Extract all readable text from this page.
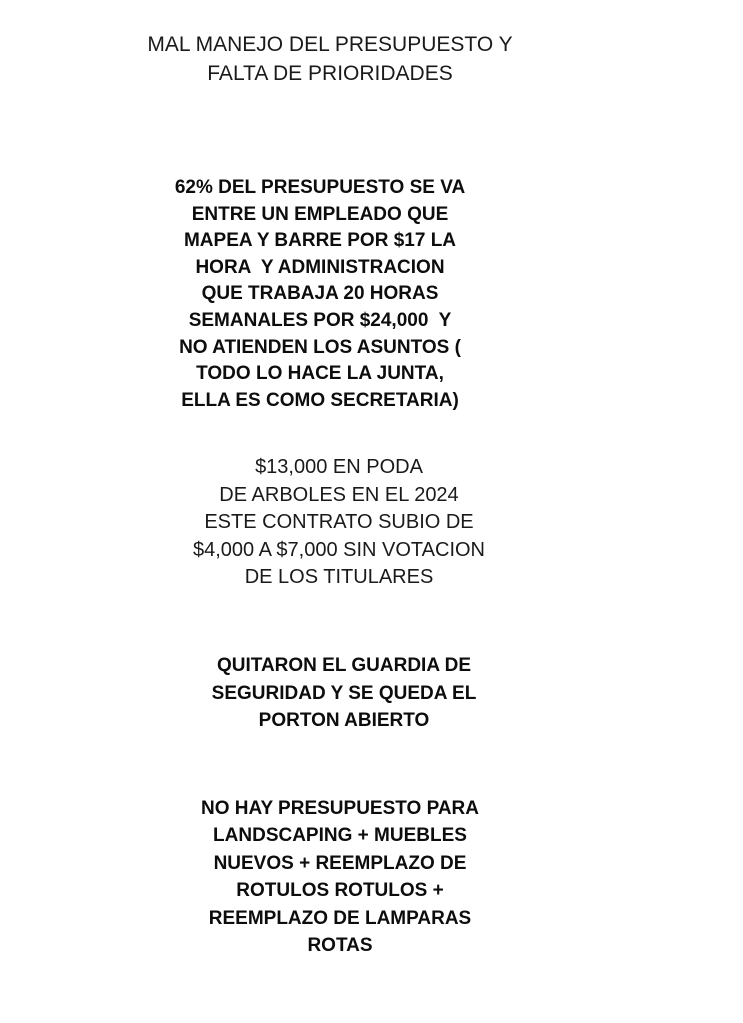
MAL MANEJO DEL PRESUPUESTO Y
FALTA DE PRIORIDADES
62% DEL PRESUPUESTO SE VA
ENTRE UN EMPLEADO QUE
MAPEA Y BARRE POR $17 LA
HORA  Y ADMINISTRACION
QUE TRABAJA 20 HORAS
SEMANALES POR $24,000  Y
NO ATIENDEN LOS ASUNTOS (
TODO LO HACE LA JUNTA,
ELLA ES COMO SECRETARIA)
$13,000 EN PODA
DE ARBOLES EN EL 2024
ESTE CONTRATO SUBIO DE
$4,000 A $7,000 SIN VOTACION
DE LOS TITULARES
QUITARON EL GUARDIA DE
SEGURIDAD Y SE QUEDA EL
PORTON ABIERTO
NO HAY PRESUPUESTO PARA
LANDSCAPING + MUEBLES
NUEVOS + REEMPLAZO DE
ROTULOS ROTULOS +
REEMPLAZO DE LAMPARAS
ROTAS
